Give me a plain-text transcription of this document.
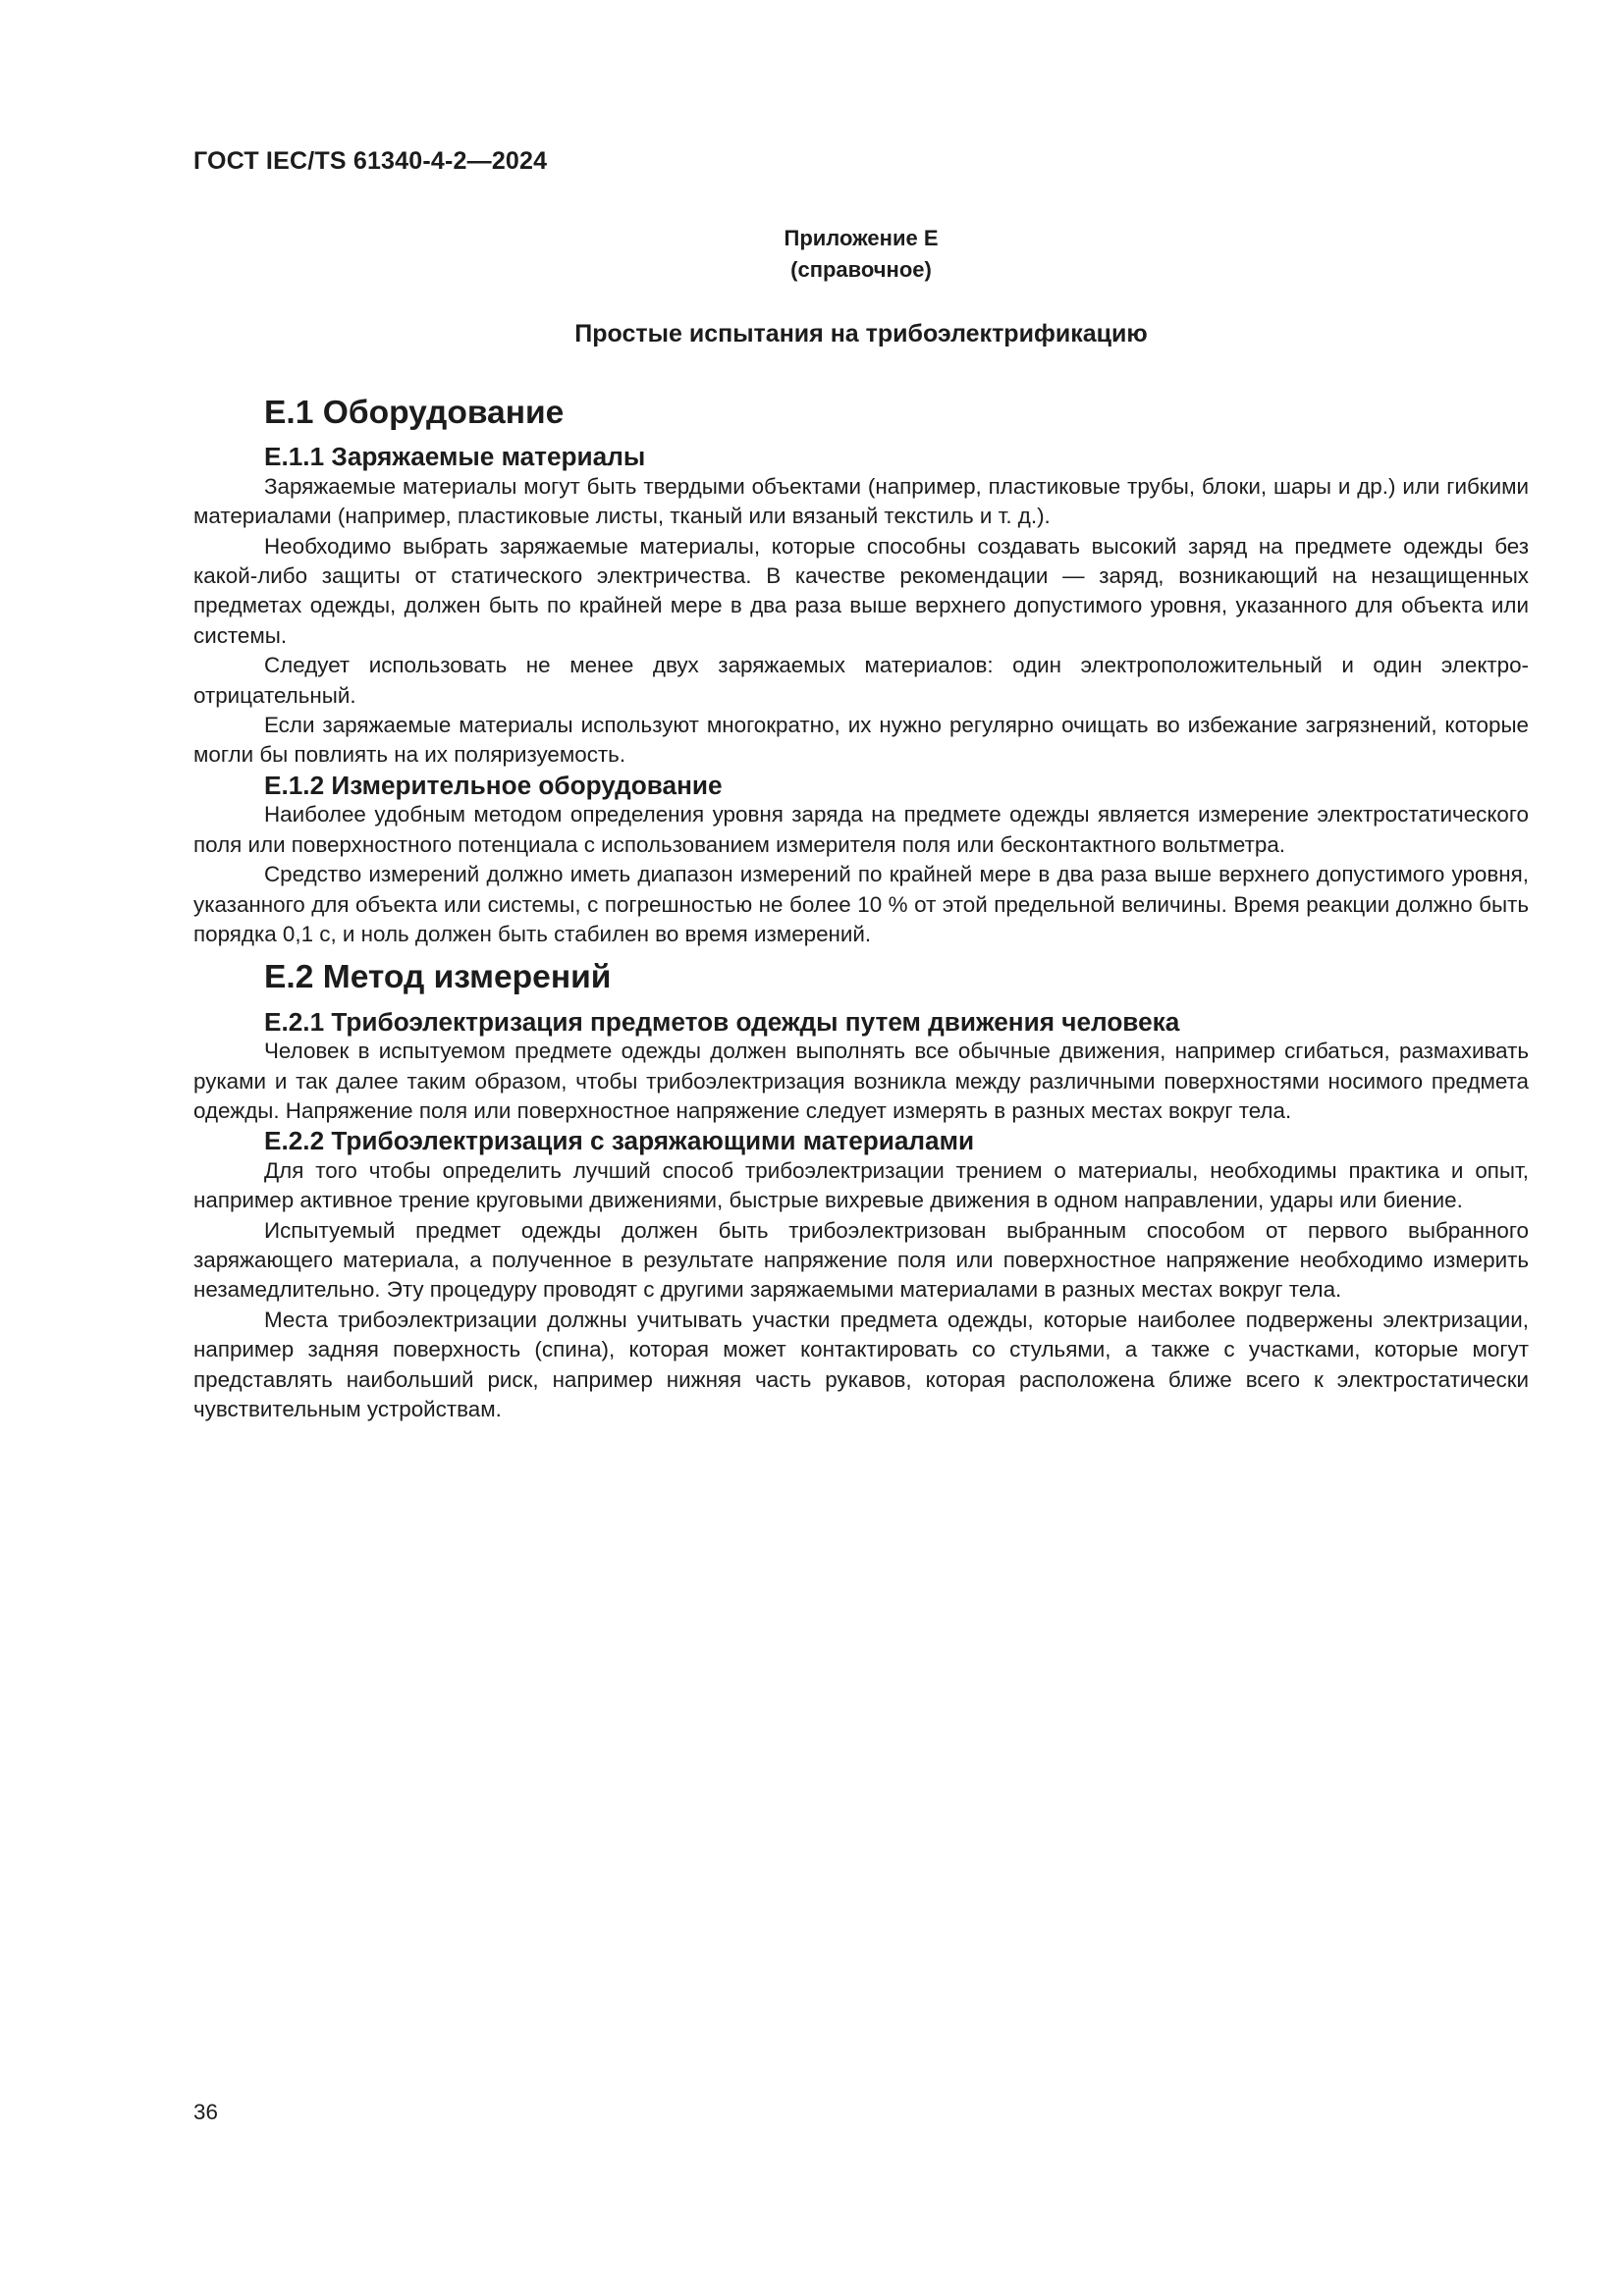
ГОСТ IEC/TS 61340-4-2—2024
Приложение Е
(справочное)
Простые испытания на трибоэлектрификацию
Е.1 Оборудование
Е.1.1 Заряжаемые материалы

Заряжаемые материалы могут быть твердыми объектами (например, пластиковые трубы, блоки, шары и др.) или гибкими материалами (например, пластиковые листы, тканый или вязаный текстиль и т. д.).

Необходимо выбрать заряжаемые материалы, которые способны создавать высокий заряд на предмете одежды без какой-либо защиты от статического электричества. В качестве рекомендации — заряд, возникающий на незащищенных предметах одежды, должен быть по крайней мере в два раза выше верхнего допустимого уровня, указанного для объекта или системы.

Следует использовать не менее двух заряжаемых материалов: один электроположительный и один электроотрицательный.

Если заряжаемые материалы используют многократно, их нужно регулярно очищать во избежание загрязнений, которые могли бы повлиять на их поляризуемость.

Е.1.2 Измерительное оборудование

Наиболее удобным методом определения уровня заряда на предмете одежды является измерение электростатического поля или поверхностного потенциала с использованием измерителя поля или бесконтактного вольтметра.

Средство измерений должно иметь диапазон измерений по крайней мере в два раза выше верхнего допустимого уровня, указанного для объекта или системы, с погрешностью не более 10 % от этой предельной величины. Время реакции должно быть порядка 0,1 с, и ноль должен быть стабилен во время измерений.

Е.2 Метод измерений
Е.2.1 Трибоэлектризация предметов одежды путем движения человека

Человек в испытуемом предмете одежды должен выполнять все обычные движения, например сгибаться, размахивать руками и так далее таким образом, чтобы трибоэлектризация возникла между различными поверхностями носимого предмета одежды. Напряжение поля или поверхностное напряжение следует измерять в разных местах вокруг тела.

Е.2.2 Трибоэлектризация с заряжающими материалами

Для того чтобы определить лучший способ трибоэлектризации трением о материалы, необходимы практика и опыт, например активное трение круговыми движениями, быстрые вихревые движения в одном направлении, удары или биение.

Испытуемый предмет одежды должен быть трибоэлектризован выбранным способом от первого выбранного заряжающего материала, а полученное в результате напряжение поля или поверхностное напряжение необходимо измерить незамедлительно. Эту процедуру проводят с другими заряжаемыми материалами в разных местах вокруг тела.

Места трибоэлектризации должны учитывать участки предмета одежды, которые наиболее подвержены электризации, например задняя поверхность (спина), которая может контактировать со стульями, а также с участками, которые могут представлять наибольший риск, например нижняя часть рукавов, которая расположена ближе всего к электростатически чувствительным устройствам.

36
